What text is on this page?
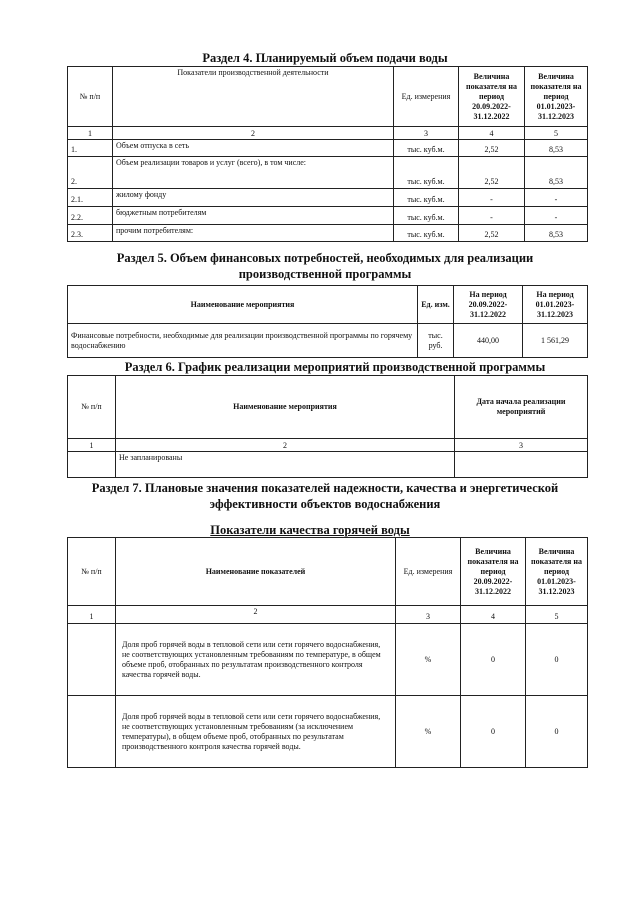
Раздел 4. Планируемый объем подачи воды
№ п/п	Показатели производственной деятельности	Ед. измерения	Величина показателя на период 20.09.2022-31.12.2022	Величина показателя на период 01.01.2023-31.12.2023
1	2	3	4	5
1.	Объем отпуска в сеть	тыс. куб.м.	2,52	8,53
2.	Объем реализации товаров и услуг (всего), в том числе:	тыс. куб.м.	2,52	8,53
2.1.	жилому фонду	тыс. куб.м.	-	-
2.2.	бюджетным потребителям	тыс. куб.м.	-	-
2.3.	прочим потребителям:	тыс. куб.м.	2,52	8,53
Раздел 5. Объем финансовых потребностей, необходимых для реализации
производственной программы
Наименование мероприятия	Ед. изм.	На период 20.09.2022-31.12.2022	На период 01.01.2023-31.12.2023
Финансовые потребности, необходимые для реализации производственной программы по горячему водоснабжению	тыс. руб.	440,00	1 561,29
Раздел 6. График реализации мероприятий производственной программы
№ п/п	Наименование мероприятия	Дата начала реализации мероприятий
1	2	3
	Не запланированы	
Раздел 7. Плановые значения показателей надежности, качества и энергетической
эффективности объектов водоснабжения
Показатели качества горячей воды
№ п/п	Наименование показателей	Ед. измерения	Величина показателя на период 20.09.2022-31.12.2022	Величина показателя на период 01.01.2023-31.12.2023
1	2	3	4	5
	Доля проб горячей воды в тепловой сети или сети горячего водоснабжения, не соответствующих установленным требованиям по температуре, в общем объеме проб, отобранных по результатам производственного контроля качества горячей воды.	%	0	0
	Доля проб горячей воды в тепловой сети или сети горячего водоснабжения, не соответствующих установленным требованиям (за исключением температуры), в общем объеме проб, отобранных по результатам производственного контроля качества горячей воды.	%	0	0
